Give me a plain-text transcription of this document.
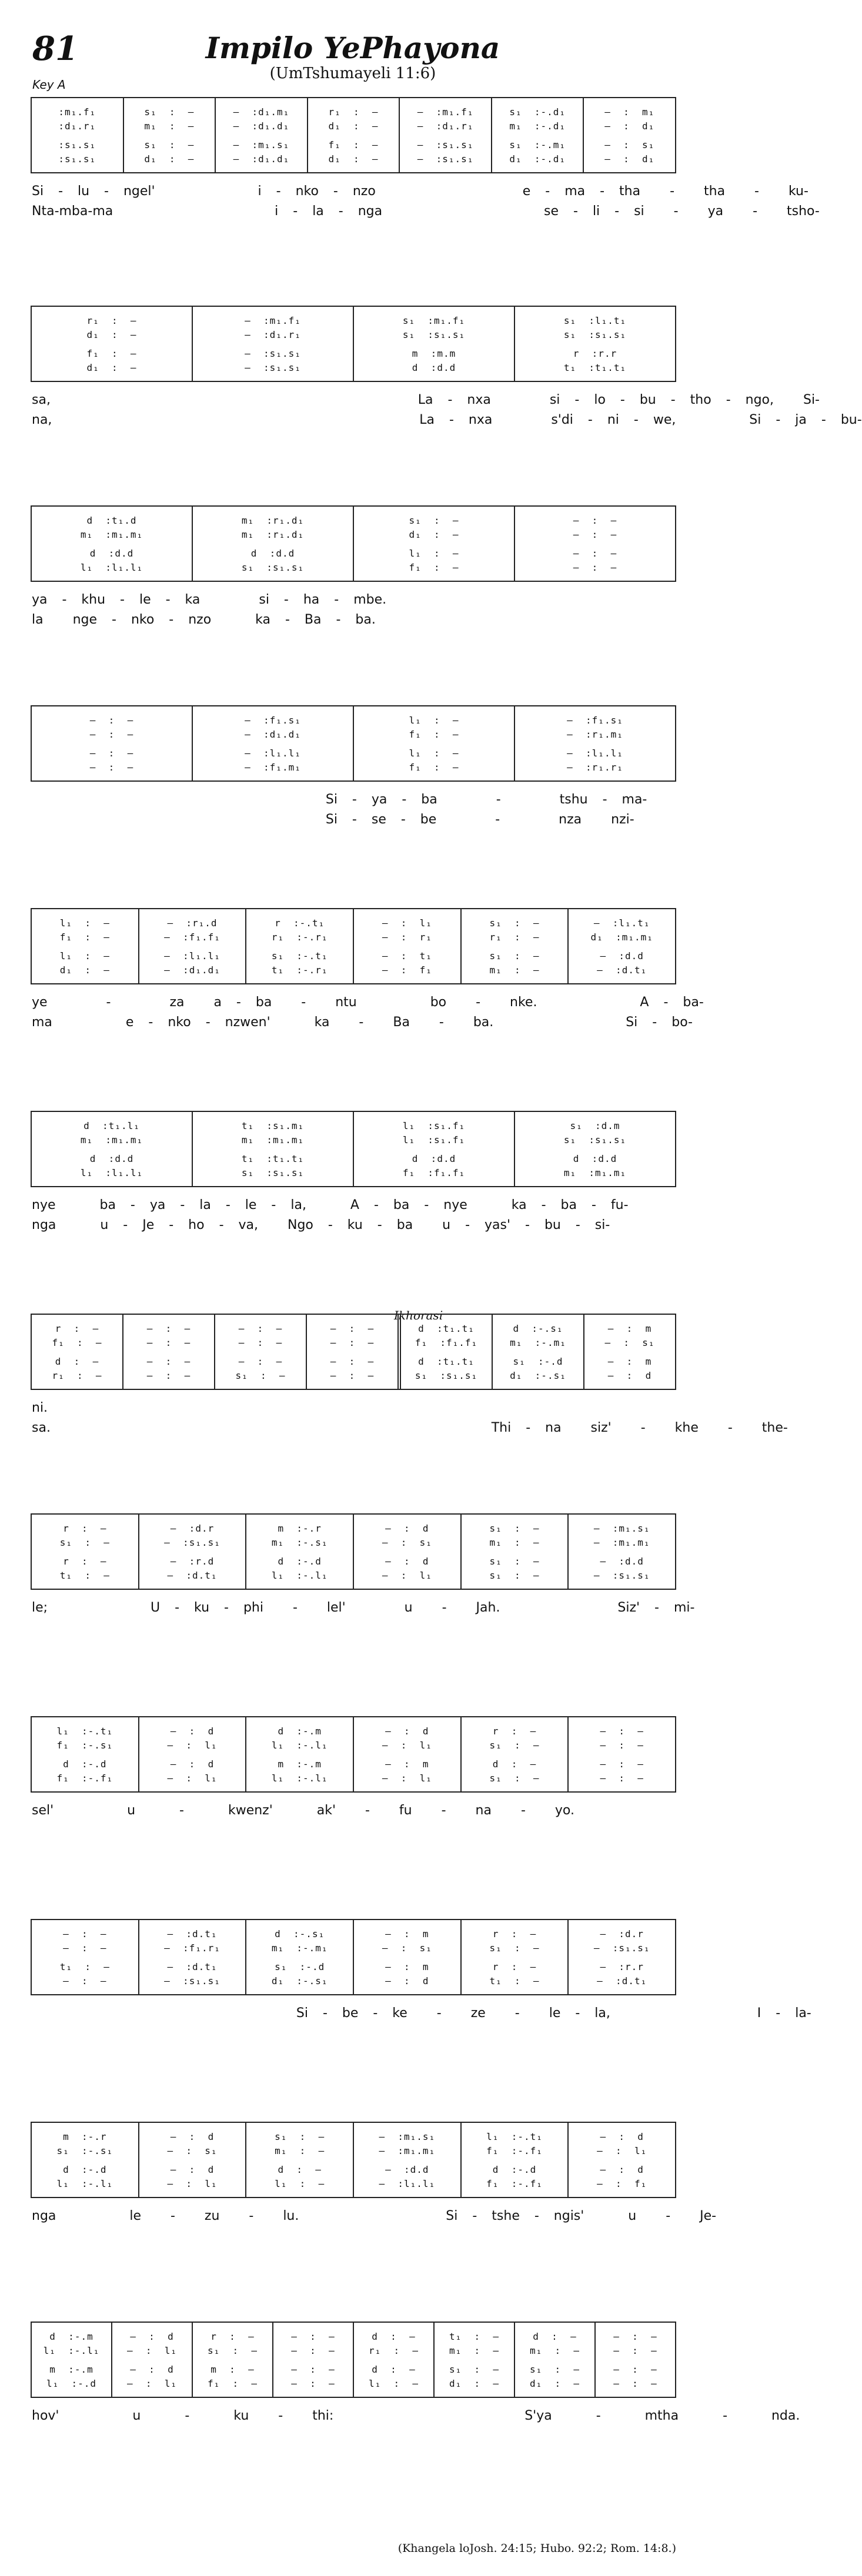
81	Impilo YePhayona
(UmTshumayeli 11:6)
Key A
Ikhorasi
:m₁.f₁
:d₁.r₁
:s₁.s₁
:s₁.s₁
s₁  :  —
m₁  :  —
s₁  :  —
d₁  :  —
—  :d₁.m₁
—  :d₁.d₁
—  :m₁.s₁
—  :d₁.d₁
r₁  :  —
d₁  :  —
f₁  :  —
d₁  :  —
—  :m₁.f₁
—  :d₁.r₁
—  :s₁.s₁
—  :s₁.s₁
s₁  :-.d₁
m₁  :-.d₁
s₁  :-.m₁
d₁  :-.d₁
—  :  m₁
—  :  d₁
—  :  s₁
—  :  d₁
Si - lu - ngel'       i - nko - nzo          e - ma - tha  -  tha  -  ku-
Nta-mba-ma           i - la - nga           se - li - si  -  ya  -  tsho-
r₁  :  —
d₁  :  —
f₁  :  —
d₁  :  —
—  :m₁.f₁
—  :d₁.r₁
—  :s₁.s₁
—  :s₁.s₁
s₁  :m₁.f₁
s₁  :s₁.s₁
m  :m.m
d  :d.d
s₁  :l₁.t₁
s₁  :s₁.s₁
r  :r.r
t₁  :t₁.t₁
sa,                         La - nxa    si - lo - bu - tho - ngo,  Si-
na,                         La - nxa    s'di - ni - we,     Si - ja - bu-
d  :t₁.d
m₁  :m₁.m₁
d  :d.d
l₁  :l₁.l₁
m₁  :r₁.d₁
m₁  :r₁.d₁
d  :d.d
s₁  :s₁.s₁
s₁  :  —
d₁  :  —
l₁  :  —
f₁  :  —
—  :  —
—  :  —
—  :  —
—  :  —
ya - khu - le - ka    si - ha - mbe.
la  nge - nko - nzo   ka - Ba - ba.
—  :  —
—  :  —
—  :  —
—  :  —
—  :f₁.s₁
—  :d₁.d₁
—  :l₁.l₁
—  :f₁.m₁
l₁  :  —
f₁  :  —
l₁  :  —
f₁  :  —
—  :f₁.s₁
—  :r₁.m₁
—  :l₁.l₁
—  :r₁.r₁
Si - ya - ba    -    tshu - ma-
Si - se - be    -    nza  nzi-
l₁  :  —
f₁  :  —
l₁  :  —
d₁  :  —
—  :r₁.d
—  :f₁.f₁
—  :l₁.l₁
—  :d₁.d₁
r  :-.t₁
r₁  :-.r₁
s₁  :-.t₁
t₁  :-.r₁
—  :  l₁
—  :  r₁
—  :  t₁
—  :  f₁
s₁  :  —
r₁  :  —
s₁  :  —
m₁  :  —
—  :l₁.t₁
d₁  :m₁.m₁
—  :d.d
—  :d.t₁
ye    -    za  a - ba  -  ntu     bo  -  nke.       A - ba-
ma     e - nko - nzwen'   ka  -  Ba  -  ba.         Si - bo-
d  :t₁.l₁
m₁  :m₁.m₁
d  :d.d
l₁  :l₁.l₁
t₁  :s₁.m₁
m₁  :m₁.m₁
t₁  :t₁.t₁
s₁  :s₁.s₁
l₁  :s₁.f₁
l₁  :s₁.f₁
d  :d.d
f₁  :f₁.f₁
s₁  :d.m
s₁  :s₁.s₁
d  :d.d
m₁  :m₁.m₁
nye   ba - ya - la - le - la,   A - ba - nye   ka - ba - fu-
nga   u - Je - ho - va,  Ngo - ku - ba  u - yas' - bu - si-
r  :  —
f₁  :  —
d  :  —
r₁  :  —
—  :  —
—  :  —
—  :  —
—  :  —
—  :  —
—  :  —
—  :  —
s₁  :  —
—  :  —
—  :  —
—  :  —
—  :  —
d  :t₁.t₁
f₁  :f₁.f₁
d  :t₁.t₁
s₁  :s₁.s₁
d  :-.s₁
m₁  :-.m₁
s₁  :-.d
d₁  :-.s₁
—  :  m
—  :  s₁
—  :  m
—  :  d
ni.
sa.                              Thi - na  siz'  -  khe  -  the-
r  :  —
s₁  :  —
r  :  —
t₁  :  —
—  :d.r
—  :s₁.s₁
—  :r.d
—  :d.t₁
m  :-.r
m₁  :-.s₁
d  :-.d
l₁  :-.l₁
—  :  d
—  :  s₁
—  :  d
—  :  l₁
s₁  :  —
m₁  :  —
s₁  :  —
s₁  :  —
—  :m₁.s₁
—  :m₁.m₁
—  :d.d
—  :s₁.s₁
le;       U - ku - phi  -  lel'    u  -  Jah.        Siz' - mi-
l₁  :-.t₁
f₁  :-.s₁
d  :-.d
f₁  :-.f₁
—  :  d
—  :  l₁
—  :  d
—  :  l₁
d  :-.m
l₁  :-.l₁
m  :-.m
l₁  :-.l₁
—  :  d
—  :  l₁
—  :  m
—  :  l₁
r  :  —
s₁  :  —
d  :  —
s₁  :  —
—  :  —
—  :  —
—  :  —
—  :  —
sel'     u   -   kwenz'   ak'  -  fu  -  na  -  yo.
—  :  —
—  :  —
t₁  :  —
—  :  —
—  :d.t₁
—  :f₁.r₁
—  :d.t₁
—  :s₁.s₁
d  :-.s₁
m₁  :-.m₁
s₁  :-.d
d₁  :-.s₁
—  :  m
—  :  s₁
—  :  m
—  :  d
r  :  —
s₁  :  —
r  :  —
t₁  :  —
—  :d.r
—  :s₁.s₁
—  :r.r
—  :d.t₁
Si - be - ke  -  ze  -  le - la,          I - la-
m  :-.r
s₁  :-.s₁
d  :-.d
l₁  :-.l₁
—  :  d
—  :  s₁
—  :  d
—  :  l₁
s₁  :  —
m₁  :  —
d  :  —
l₁  :  —
—  :m₁.s₁
—  :m₁.m₁
—  :d.d
—  :l₁.l₁
l₁  :-.t₁
f₁  :-.f₁
d  :-.d
f₁  :-.f₁
—  :  d
—  :  l₁
—  :  d
—  :  f₁
nga     le  -  zu  -  lu.          Si - tshe - ngis'   u  -  Je-
d  :-.m
l₁  :-.l₁
m  :-.m
l₁  :-.d
—  :  d
—  :  l₁
—  :  d
—  :  l₁
r  :  —
s₁  :  —
m  :  —
f₁  :  —
—  :  —
—  :  —
—  :  —
—  :  —
d  :  —
r₁  :  —
d  :  —
l₁  :  —
t₁  :  —
m₁  :  —
s₁  :  —
d₁  :  —
d  :  —
m₁  :  —
s₁  :  —
d₁  :  —
—  :  —
—  :  —
—  :  —
—  :  —
hov'     u   -   ku  -  thi:             S'ya   -   mtha   -   nda.
(Khangela loJosh. 24:15; Hubo. 92:2; Rom. 14:8.)
